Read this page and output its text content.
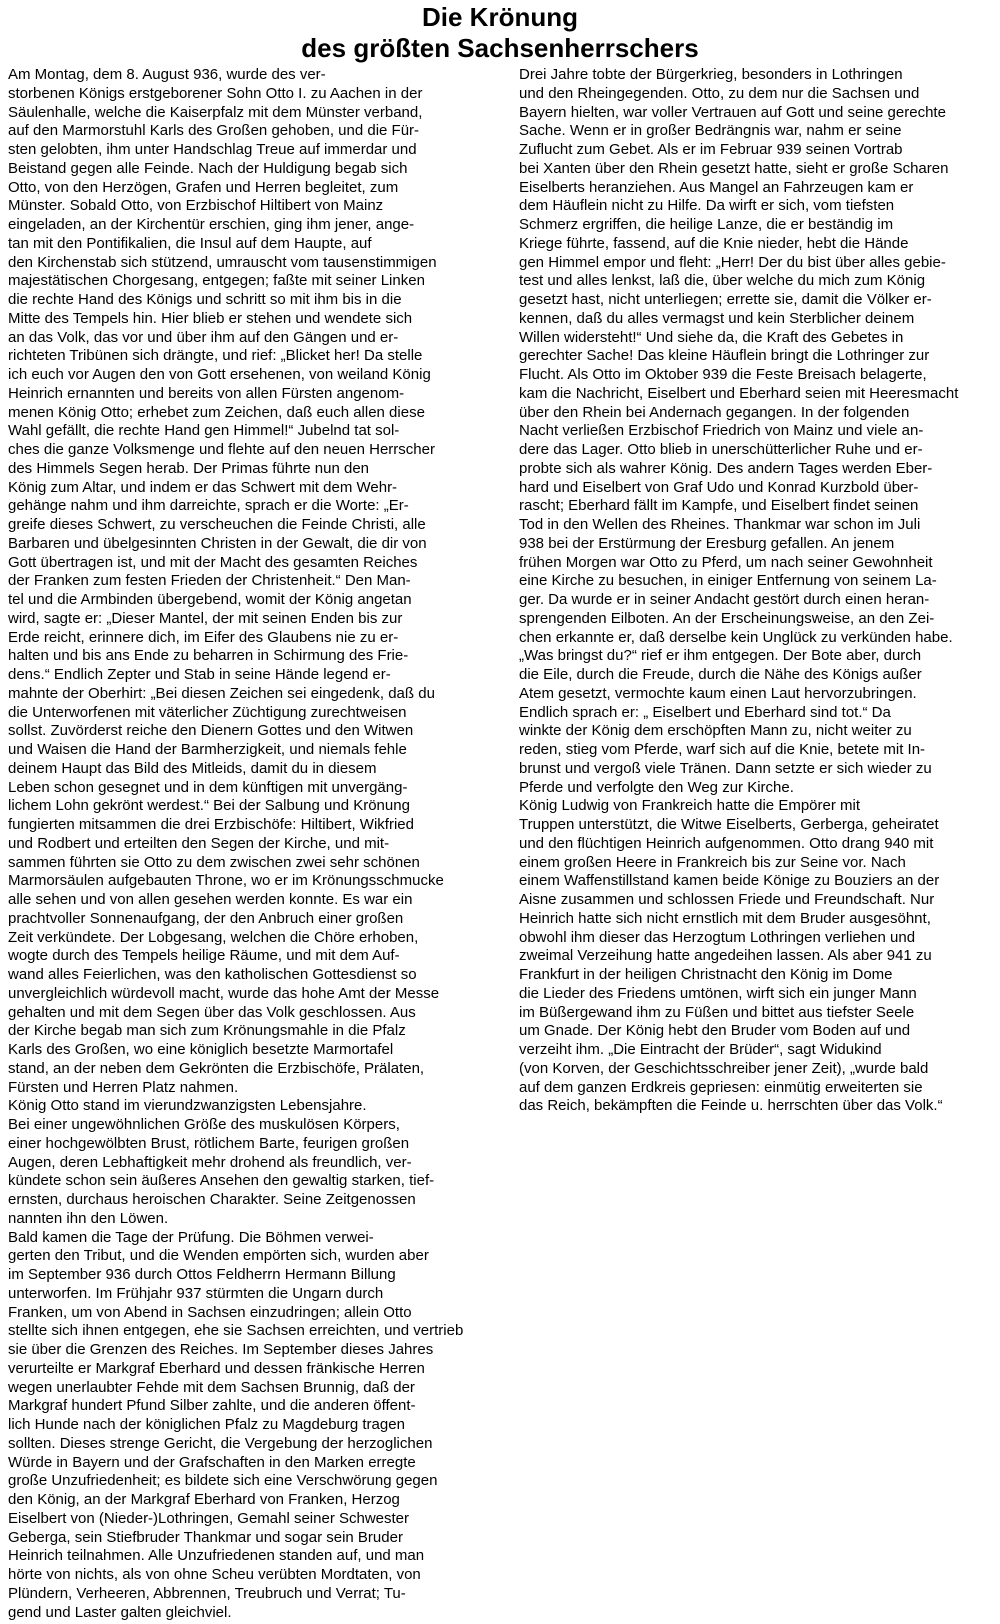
Die Krönung
des größten Sachsenherrschers
Am Montag, dem 8. August 936, wurde des ver-
storbenen Königs erstgeborener Sohn Otto I. zu Aachen in der
Säulenhalle, welche die Kaiserpfalz mit dem Münster verband,
auf den Marmorstuhl Karls des Großen gehoben, und die Für-
sten gelobten, ihm unter Handschlag Treue auf immerdar und
Beistand gegen alle Feinde. Nach der Huldigung begab sich
Otto, von den Herzögen, Grafen und Herren begleitet, zum
Münster. Sobald Otto, von Erzbischof Hiltibert von Mainz
eingeladen, an der Kirchentür erschien, ging ihm jener, ange-
tan mit den Pontifikalien, die Insul auf dem Haupte, auf
den Kirchenstab sich stützend, umrauscht vom tausenstimmigen
majestätischen Chorgesang, entgegen; faßte mit seiner Linken
die rechte Hand des Königs und schritt so mit ihm bis in die
Mitte des Tempels hin. Hier blieb er stehen und wendete sich
an das Volk, das vor und über ihm auf den Gängen und er-
richteten Tribünen sich drängte, und rief: „Blicket her! Da stelle
ich euch vor Augen den von Gott ersehenen, von weiland König
Heinrich ernannten und bereits von allen Fürsten angenom-
menen König Otto; erhebet zum Zeichen, daß euch allen diese
Wahl gefällt, die rechte Hand gen Himmel!“ Jubelnd tat sol-
ches die ganze Volksmenge und flehte auf den neuen Herrscher
des Himmels Segen herab. Der Primas führte nun den
König zum Altar, und indem er das Schwert mit dem Wehr-
gehänge nahm und ihm darreichte, sprach er die Worte: „Er-
greife dieses Schwert, zu verscheuchen die Feinde Christi, alle
Barbaren und übelgesinnten Christen in der Gewalt, die dir von
Gott übertragen ist, und mit der Macht des gesamten Reiches
der Franken zum festen Frieden der Christenheit.“ Den Man-
tel und die Armbinden übergebend, womit der König angetan
wird, sagte er: „Dieser Mantel, der mit seinen Enden bis zur
Erde reicht, erinnere dich, im Eifer des Glaubens nie zu er-
halten und bis ans Ende zu beharren in Schirmung des Frie-
dens.“ Endlich Zepter und Stab in seine Hände legend er-
mahnte der Oberhirt: „Bei diesen Zeichen sei eingedenk, daß du
die Unterworfenen mit väterlicher Züchtigung zurechtweisen
sollst. Zuvörderst reiche den Dienern Gottes und den Witwen
und Waisen die Hand der Barmherzigkeit, und niemals fehle
deinem Haupt das Bild des Mitleids, damit du in diesem
Leben schon gesegnet und in dem künftigen mit unvergäng-
lichem Lohn gekrönt werdest.“ Bei der Salbung und Krönung
fungierten mitsammen die drei Erzbischöfe: Hiltibert, Wikfried
und Rodbert und erteilten den Segen der Kirche, und mit-
sammen führten sie Otto zu dem zwischen zwei sehr schönen
Marmorsäulen aufgebauten Throne, wo er im Krönungsschmucke
alle sehen und von allen gesehen werden konnte. Es war ein
prachtvoller Sonnenaufgang, der den Anbruch einer großen
Zeit verkündete. Der Lobgesang, welchen die Chöre erhoben,
wogte durch des Tempels heilige Räume, und mit dem Auf-
wand alles Feierlichen, was den katholischen Gottesdienst so
unvergleichlich würdevoll macht, wurde das hohe Amt der Messe
gehalten und mit dem Segen über das Volk geschlossen. Aus
der Kirche begab man sich zum Krönungsmahle in die Pfalz
Karls des Großen, wo eine königlich besetzte Marmortafel
stand, an der neben dem Gekrönten die Erzbischöfe, Prälaten,
Fürsten und Herren Platz nahmen.
König Otto stand im vierundzwanzigsten Lebensjahre.
Bei einer ungewöhnlichen Größe des muskulösen Körpers,
einer hochgewölbten Brust, rötlichem Barte, feurigen großen
Augen, deren Lebhaftigkeit mehr drohend als freundlich, ver-
kündete schon sein äußeres Ansehen den gewaltig starken, tief-
ernsten, durchaus heroischen Charakter. Seine Zeitgenossen
nannten ihn den Löwen.
Bald kamen die Tage der Prüfung. Die Böhmen verwei-
gerten den Tribut, und die Wenden empörten sich, wurden aber
im September 936 durch Ottos Feldherrn Hermann Billung
unterworfen. Im Frühjahr 937 stürmten die Ungarn durch
Franken, um von Abend in Sachsen einzudringen; allein Otto
stellte sich ihnen entgegen, ehe sie Sachsen erreichten, und vertrieb
sie über die Grenzen des Reiches. Im September dieses Jahres
verurteilte er Markgraf Eberhard und dessen fränkische Herren
wegen unerlaubter Fehde mit dem Sachsen Brunnig, daß der
Markgraf hundert Pfund Silber zahlte, und die anderen öffent-
lich Hunde nach der königlichen Pfalz zu Magdeburg tragen
sollten. Dieses strenge Gericht, die Vergebung der herzoglichen
Würde in Bayern und der Grafschaften in den Marken erregte
große Unzufriedenheit; es bildete sich eine Verschwörung gegen
den König, an der Markgraf Eberhard von Franken, Herzog
Eiselbert von (Nieder-)Lothringen, Gemahl seiner Schwester
Geberga, sein Stiefbruder Thankmar und sogar sein Bruder
Heinrich teilnahmen. Alle Unzufriedenen standen auf, und man
hörte von nichts, als von ohne Scheu verübten Mordtaten, von
Plündern, Verheeren, Abbrennen, Treubruch und Verrat; Tu-
gend und Laster galten gleichviel.
Drei Jahre tobte der Bürgerkrieg, besonders in Lothringen
und den Rheingegenden. Otto, zu dem nur die Sachsen und
Bayern hielten, war voller Vertrauen auf Gott und seine gerechte
Sache. Wenn er in großer Bedrängnis war, nahm er seine
Zuflucht zum Gebet. Als er im Februar 939 seinen Vortrab
bei Xanten über den Rhein gesetzt hatte, sieht er große Scharen
Eiselberts heranziehen. Aus Mangel an Fahrzeugen kam er
dem Häuflein nicht zu Hilfe. Da wirft er sich, vom tiefsten
Schmerz ergriffen, die heilige Lanze, die er beständig im
Kriege führte, fassend, auf die Knie nieder, hebt die Hände
gen Himmel empor und fleht: „Herr! Der du bist über alles gebie-
test und alles lenkst, laß die, über welche du mich zum König
gesetzt hast, nicht unterliegen; errette sie, damit die Völker er-
kennen, daß du alles vermagst und kein Sterblicher deinem
Willen widersteht!“ Und siehe da, die Kraft des Gebetes in
gerechter Sache! Das kleine Häuflein bringt die Lothringer zur
Flucht. Als Otto im Oktober 939 die Feste Breisach belagerte,
kam die Nachricht, Eiselbert und Eberhard seien mit Heeresmacht
über den Rhein bei Andernach gegangen. In der folgenden
Nacht verließen Erzbischof Friedrich von Mainz und viele an-
dere das Lager. Otto blieb in unerschütterlicher Ruhe und er-
probte sich als wahrer König. Des andern Tages werden Eber-
hard und Eiselbert von Graf Udo und Konrad Kurzbold über-
rascht; Eberhard fällt im Kampfe, und Eiselbert findet seinen
Tod in den Wellen des Rheines. Thankmar war schon im Juli
938 bei der Erstürmung der Eresburg gefallen. An jenem
frühen Morgen war Otto zu Pferd, um nach seiner Gewohnheit
eine Kirche zu besuchen, in einiger Entfernung von seinem La-
ger. Da wurde er in seiner Andacht gestört durch einen heran-
sprengenden Eilboten. An der Erscheinungsweise, an den Zei-
chen erkannte er, daß derselbe kein Unglück zu verkünden habe.
„Was bringst du?“ rief er ihm entgegen. Der Bote aber, durch
die Eile, durch die Freude, durch die Nähe des Königs außer
Atem gesetzt, vermochte kaum einen Laut hervorzubringen.
Endlich sprach er: „ Eiselbert und Eberhard sind tot.“ Da
winkte der König dem erschöpften Mann zu, nicht weiter zu
reden, stieg vom Pferde, warf sich auf die Knie, betete mit In-
brunst und vergoß viele Tränen. Dann setzte er sich wieder zu
Pferde und verfolgte den Weg zur Kirche.
König Ludwig von Frankreich hatte die Empörer mit
Truppen unterstützt, die Witwe Eiselberts, Gerberga, geheiratet
und den flüchtigen Heinrich aufgenommen. Otto drang 940 mit
einem großen Heere in Frankreich bis zur Seine vor. Nach
einem Waffenstillstand kamen beide Könige zu Bouziers an der
Aisne zusammen und schlossen Friede und Freundschaft. Nur
Heinrich hatte sich nicht ernstlich mit dem Bruder ausgesöhnt,
obwohl ihm dieser das Herzogtum Lothringen verliehen und
zweimal Verzeihung hatte angedeihen lassen. Als aber 941 zu
Frankfurt in der heiligen Christnacht den König im Dome
die Lieder des Friedens umtönen, wirft sich ein junger Mann
im Büßergewand ihm zu Füßen und bittet aus tiefster Seele
um Gnade. Der König hebt den Bruder vom Boden auf und
verzeiht ihm. „Die Eintracht der Brüder“, sagt Widukind
(von Korven, der Geschichtsschreiber jener Zeit), „wurde bald
auf dem ganzen Erdkreis gepriesen: einmütig erweiterten sie
das Reich, bekämpften die Feinde u. herrschten über das Volk.“
